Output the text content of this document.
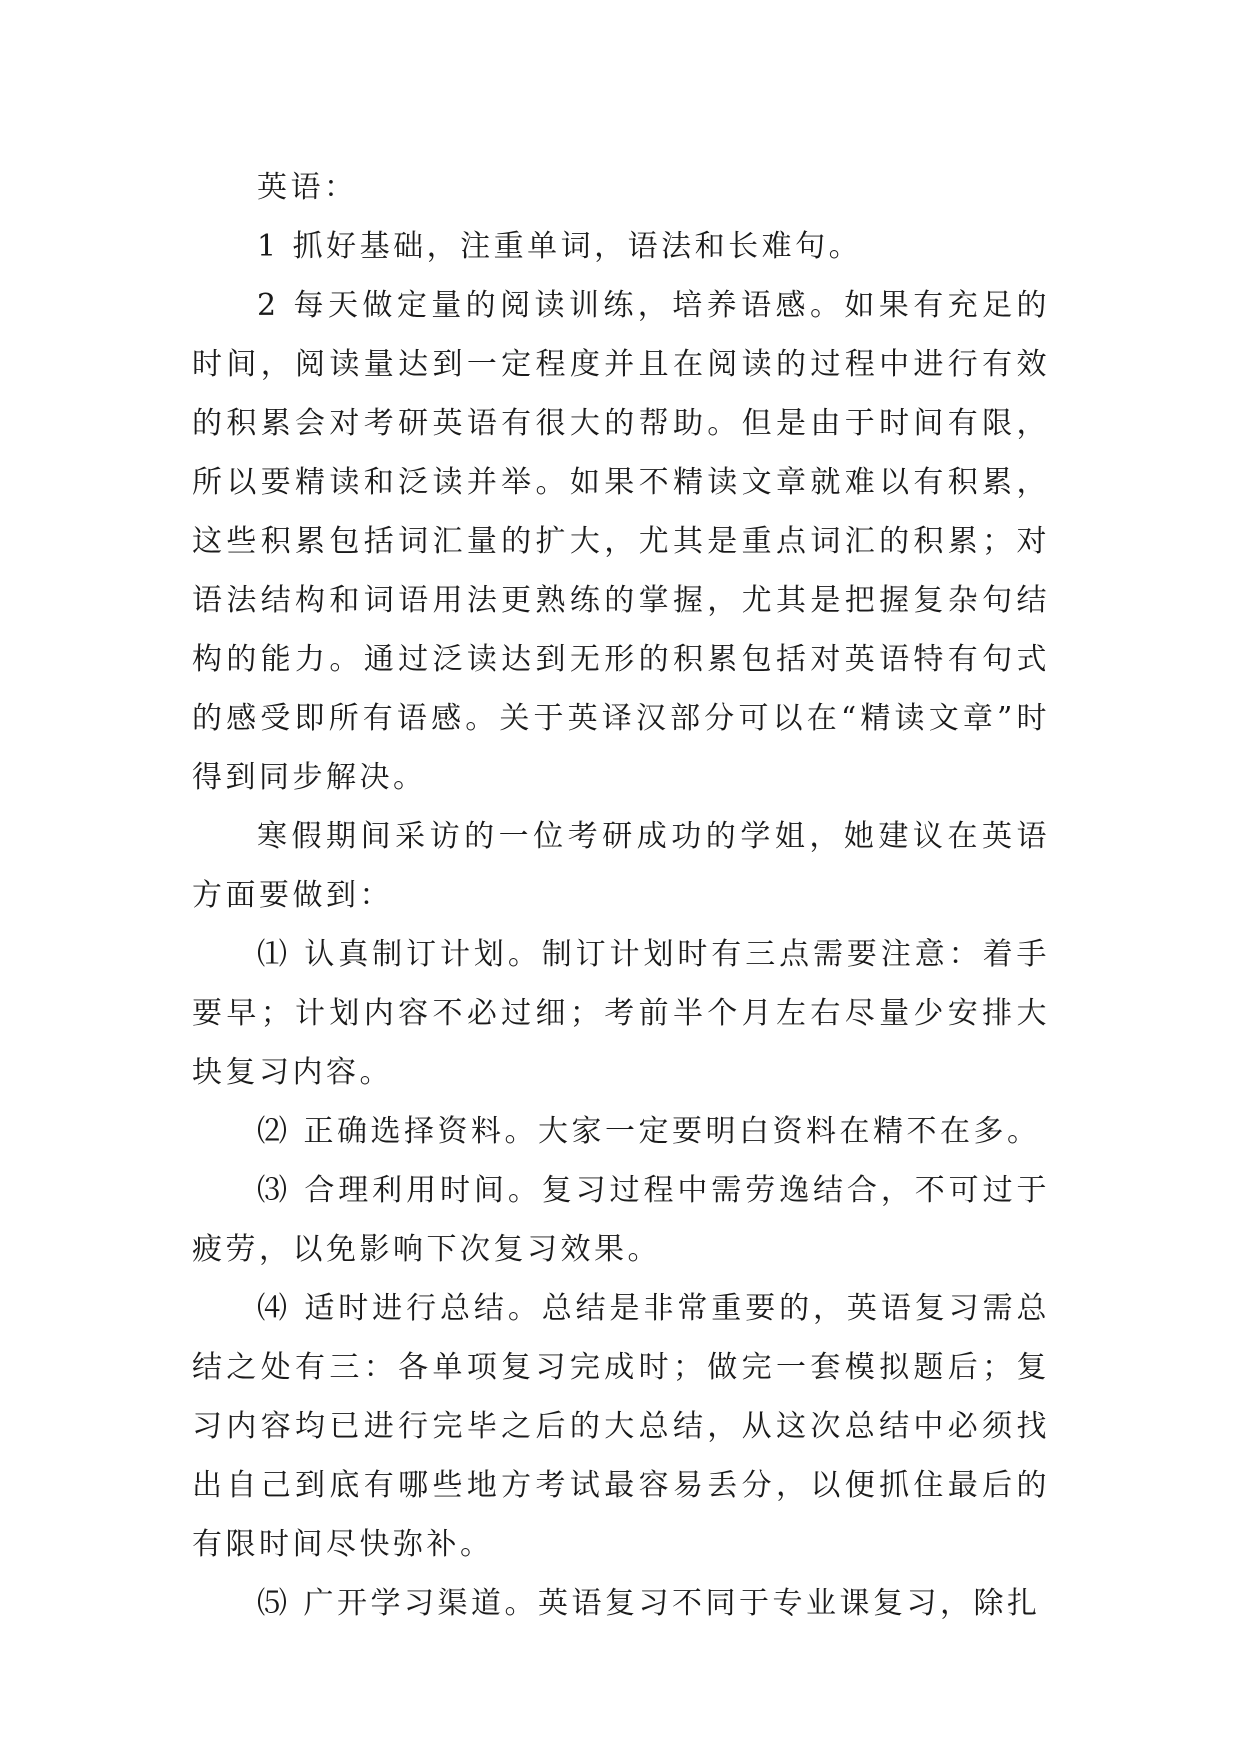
英语：

1 抓好基础，注重单词，语法和长难句。

2 每天做定量的阅读训练，培养语感。如果有充足的时间，阅读量达到一定程度并且在阅读的过程中进行有效的积累会对考研英语有很大的帮助。但是由于时间有限，所以要精读和泛读并举。如果不精读文章就难以有积累，这些积累包括词汇量的扩大，尤其是重点词汇的积累；对语法结构和词语用法更熟练的掌握，尤其是把握复杂句结构的能力。通过泛读达到无形的积累包括对英语特有句式的感受即所有语感。关于英译汉部分可以在“精读文章”时得到同步解决。

寒假期间采访的一位考研成功的学姐，她建议在英语方面要做到：

⑴ 认真制订计划。制订计划时有三点需要注意：着手要早；计划内容不必过细；考前半个月左右尽量少安排大块复习内容。

⑵ 正确选择资料。大家一定要明白资料在精不在多。

⑶ 合理利用时间。复习过程中需劳逸结合，不可过于疲劳，以免影响下次复习效果。

⑷ 适时进行总结。总结是非常重要的，英语复习需总结之处有三：各单项复习完成时；做完一套模拟题后；复习内容均已进行完毕之后的大总结，从这次总结中必须找出自己到底有哪些地方考试最容易丢分，以便抓住最后的有限时间尽快弥补。

⑸ 广开学习渠道。英语复习不同于专业课复习，除扎
